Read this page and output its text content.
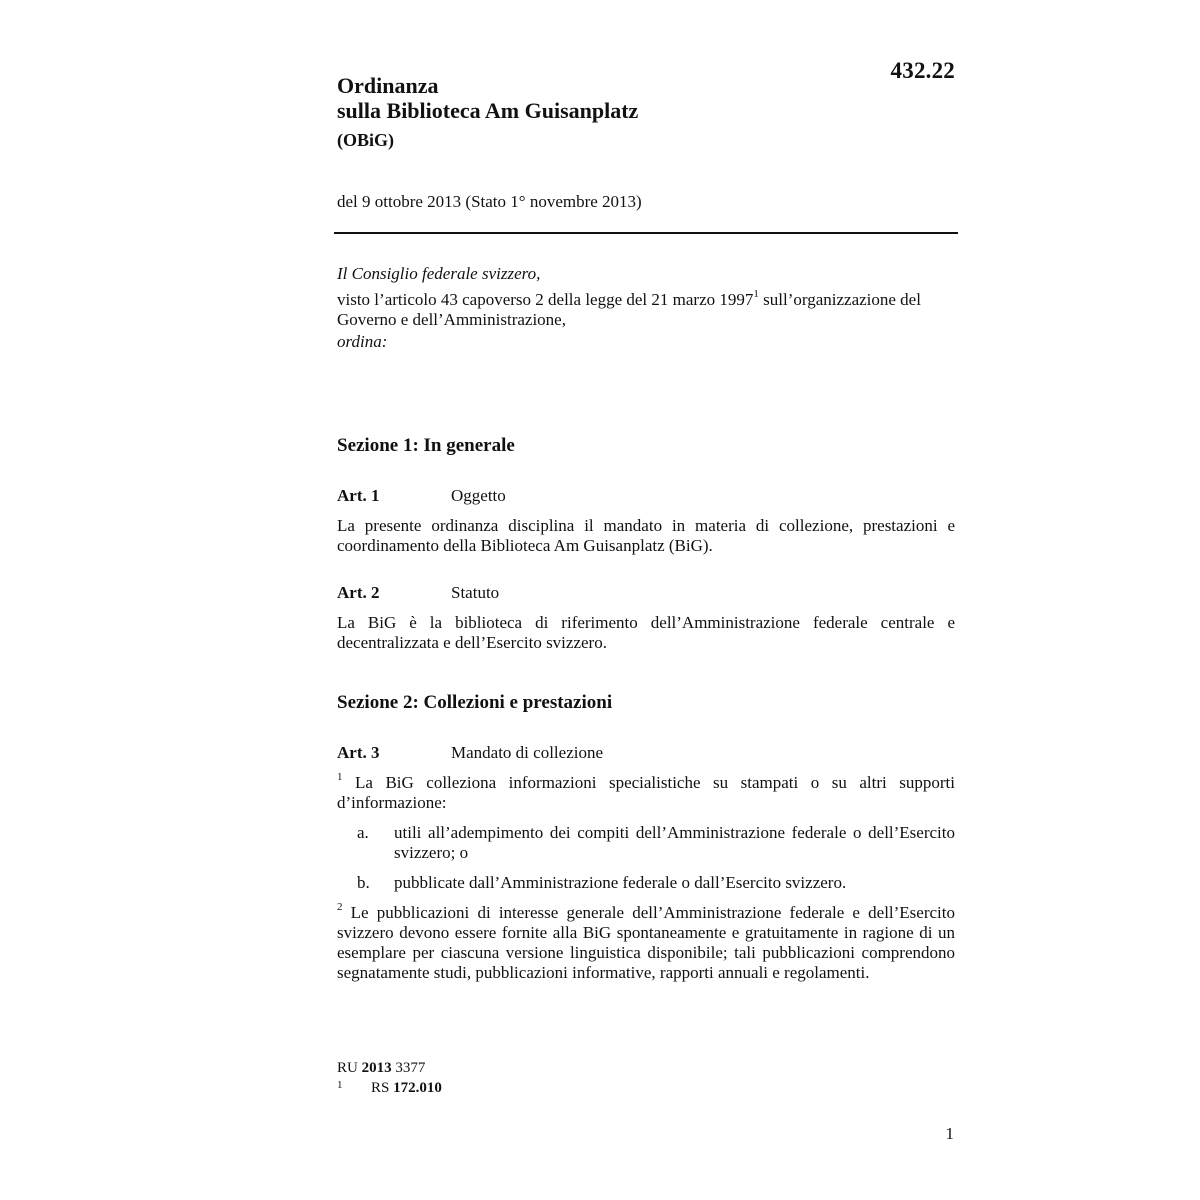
432.22
Ordinanza
sulla Biblioteca Am Guisanplatz
(OBiG)
del 9 ottobre 2013 (Stato 1° novembre 2013)
Il Consiglio federale svizzero,
visto l’articolo 43 capoverso 2 della legge del 21 marzo 1997$^1$ sull’organizzazione del Governo e dell’Amministrazione,
ordina:
Sezione 1: In generale
Art. 1	Oggetto
La presente ordinanza disciplina il mandato in materia di collezione, prestazioni e coordinamento della Biblioteca Am Guisanplatz (BiG).
Art. 2	Statuto
La BiG è la biblioteca di riferimento dell’Amministrazione federale centrale e decentralizzata e dell’Esercito svizzero.
Sezione 2: Collezioni e prestazioni
Art. 3	Mandato di collezione
$^1$ La BiG colleziona informazioni specialistiche su stampati o su altri supporti d’informazione:
a. utili all’adempimento dei compiti dell’Amministrazione federale o dell’Esercito svizzero; o
b. pubblicate dall’Amministrazione federale o dall’Esercito svizzero.
$^2$ Le pubblicazioni di interesse generale dell’Amministrazione federale e dell’Esercito svizzero devono essere fornite alla BiG spontaneamente e gratuitamente in ragione di un esemplare per ciascuna versione linguistica disponibile; tali pubblicazioni comprendono segnatamente studi, pubblicazioni informative, rapporti annuali e regolamenti.
RU 2013 3377
1 RS 172.010
1
